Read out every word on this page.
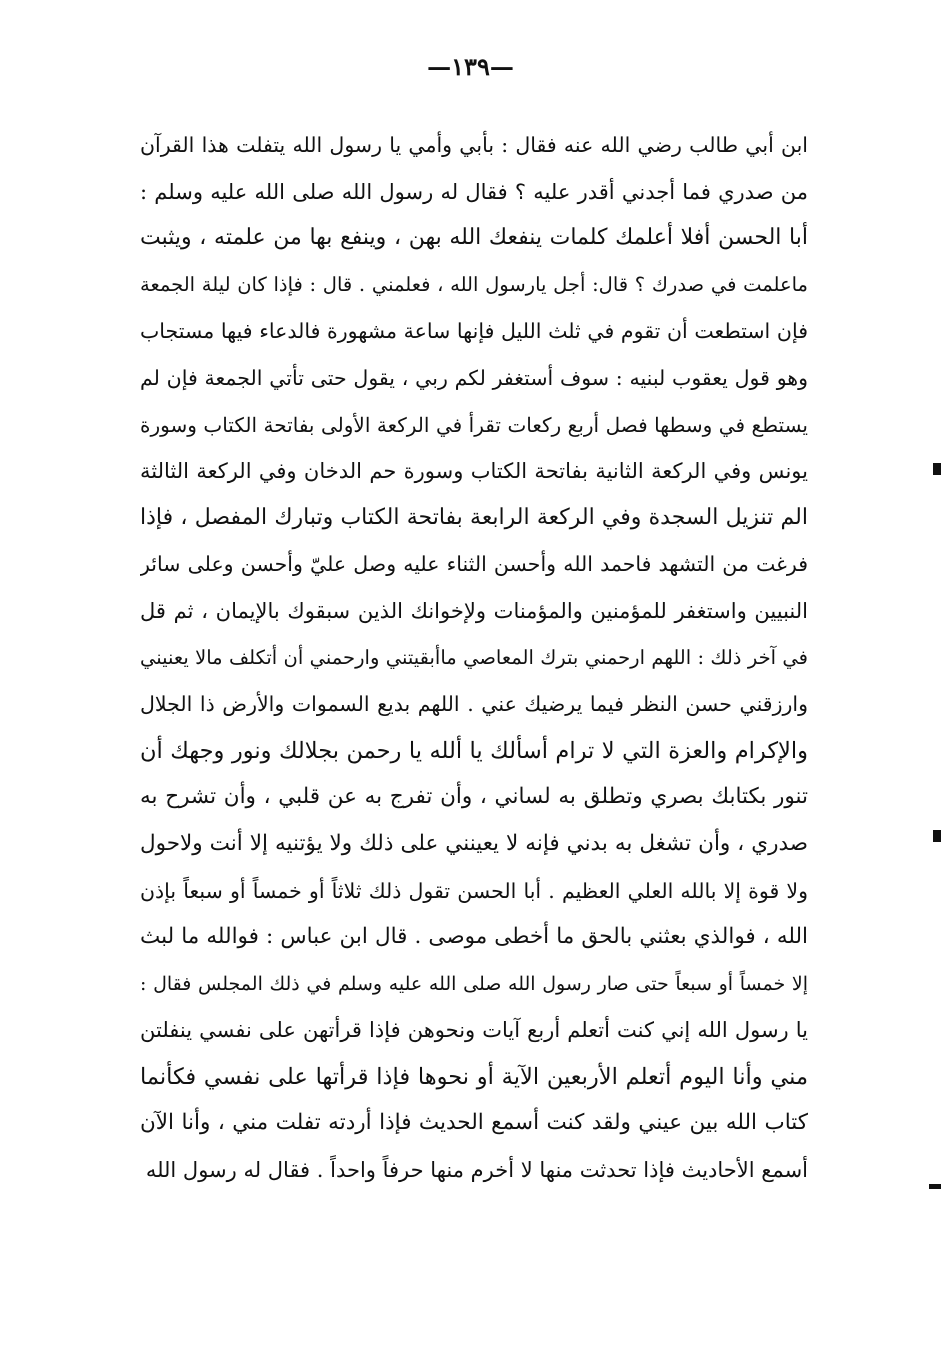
—١٣٩—
ابن أبي طالب رضي الله عنه فقال : بأبي وأمي يا رسول الله يتفلت هذا القرآن
من صدري فما أجدني أقدر عليه ؟ فقال له رسول الله صلى الله عليه وسلم :
أبا الحسن أفلا أعلمك كلمات ينفعك الله بهن ، وينفع بها من علمته ، ويثبت
ماعلمت في صدرك ؟ قال: أجل يارسول الله ، فعلمني . قال : فإذا كان ليلة الجمعة
فإن استطعت أن تقوم في ثلث الليل فإنها ساعة مشهورة فالدعاء فيها مستجاب
وهو قول يعقوب لبنيه : سوف أستغفر لكم ربي ، يقول حتى تأتي الجمعة فإن لم
يستطع في وسطها فصل أربع ركعات تقرأ في الركعة الأولى بفاتحة الكتاب وسورة
يونس وفي الركعة الثانية بفاتحة الكتاب وسورة حم الدخان وفي الركعة الثالثة
الم تنزيل السجدة وفي الركعة الرابعة بفاتحة الكتاب وتبارك المفصل ، فإذا
فرغت من التشهد فاحمد الله وأحسن الثناء عليه وصل عليّ وأحسن وعلى سائر
النبيين واستغفر للمؤمنين والمؤمنات ولإخوانك الذين سبقوك بالإيمان ، ثم قل
في آخر ذلك : اللهم ارحمني بترك المعاصي ماأبقيتني وارحمني أن أتكلف مالا يعنيني
وارزقني حسن النظر فيما يرضيك عني . اللهم بديع السموات والأرض ذا الجلال
والإكرام والعزة التي لا ترام أسألك يا ألله يا رحمن بجلالك ونور وجهك أن
تنور بكتابك بصري وتطلق به لساني ، وأن تفرج به عن قلبي ، وأن تشرح به
صدري ، وأن تشغل به بدني فإنه لا يعينني على ذلك ولا يؤتنيه إلا أنت ولاحول
ولا قوة إلا بالله العلي العظيم . أبا الحسن تقول ذلك ثلاثاً أو خمساً أو سبعاً بإذن
الله ، فوالذي بعثني بالحق ما أخطى موصى . قال ابن عباس : فوالله ما لبث
إلا خمساً أو سبعاً حتى صار رسول الله صلى الله عليه وسلم في ذلك المجلس فقال :
يا رسول الله إني كنت أتعلم أربع آيات ونحوهن فإذا قرأتهن على نفسي ينفلتن
مني وأنا اليوم أتعلم الأربعين الآية أو نحوها فإذا قرأتها على نفسي فكأنما
كتاب الله بين عيني ولقد كنت أسمع الحديث فإذا أردته تفلت مني ، وأنا الآن
أسمع الأحاديث فإذا تحدثت منها لا أخرم منها حرفاً واحداً . فقال له رسول الله
